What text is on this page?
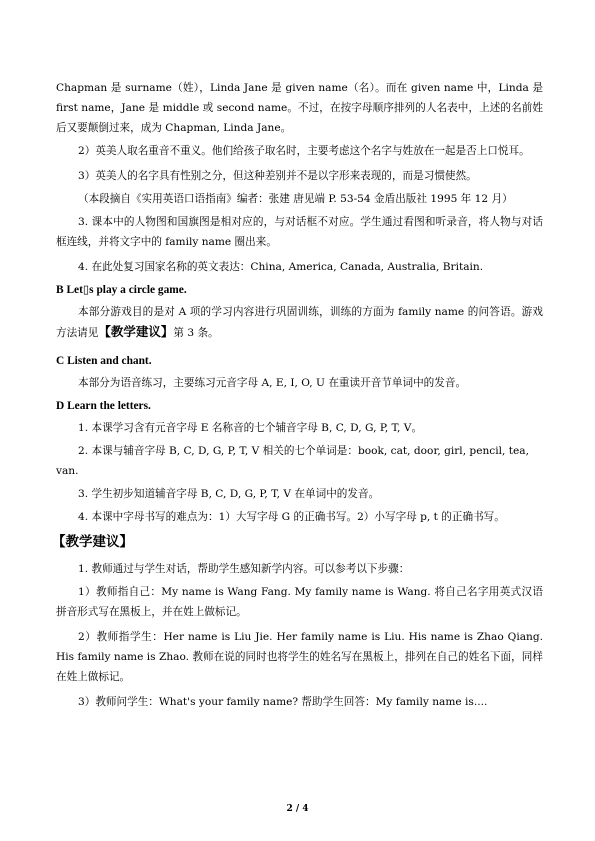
Chapman 是 surname（姓），Linda Jane 是 given name（名）。而在 given name 中，Linda 是 first name，Jane 是 middle 或 second name。不过，在按字母顺序排列的人名表中，上述的名前姓后又要颠倒过来，成为 Chapman, Linda Jane。

2）英美人取名重音不重义。他们给孩子取名时，主要考虑这个名字与姓放在一起是否上口悦耳。

3）英美人的名字具有性别之分，但这种差别并不是以字形来表现的，而是习惯使然。

（本段摘自《实用英语口语指南》编者：张建 唐见端 P. 53-54 金盾出版社 1995 年 12 月）

3. 课本中的人物图和国旗图是相对应的，与对话框不对应。学生通过看图和听录音，将人物与对话框连线，并将文字中的 family name 圈出来。

4. 在此处复习国家名称的英文表达：China, America, Canada, Australia, Britain.

B Let▯s play a circle game.

本部分游戏目的是对 A 项的学习内容进行巩固训练，训练的方面为 family name 的问答语。游戏方法请见【教学建议】第 3 条。

C Listen and chant.

本部分为语音练习，主要练习元音字母 A, E, I, O, U 在重读开音节单词中的发音。

D Learn the letters.

1. 本课学习含有元音字母 E 名称音的七个辅音字母 B, C, D, G, P, T, V。

2. 本课与辅音字母 B, C, D, G, P, T, V 相关的七个单词是：book, cat, door, girl, pencil, tea,

van.

3. 学生初步知道辅音字母 B, C, D, G, P, T, V 在单词中的发音。

4. 本课中字母书写的难点为：1）大写字母 G 的正确书写。2）小写字母 p, t 的正确书写。

【教学建议】

1. 教师通过与学生对话，帮助学生感知新学内容。可以参考以下步骤：

1）教师指自己：My name is Wang Fang. My family name is Wang. 将自己名字用英式汉语拼音形式写在黑板上，并在姓上做标记。

2）教师指学生：Her name is Liu Jie. Her family name is Liu. His name is Zhao Qiang. His family name is Zhao. 教师在说的同时也将学生的姓名写在黑板上，排列在自己的姓名下面，同样在姓上做标记。

3）教师问学生：What's your family name? 帮助学生回答：My family name is....

2 / 4
